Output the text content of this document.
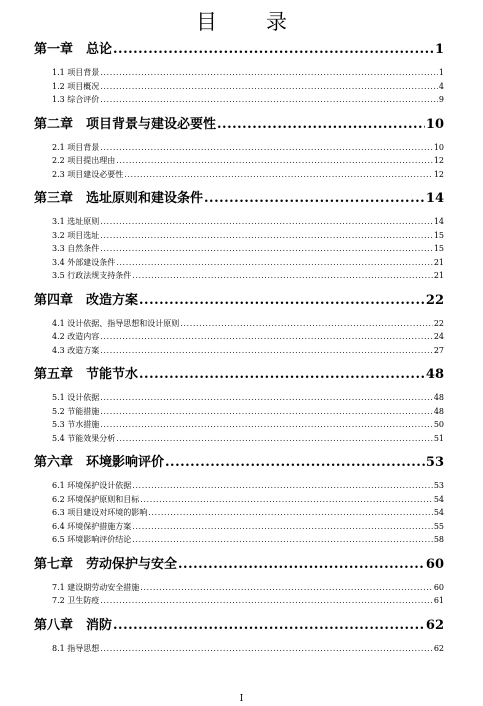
目　录
第一章　总论 .....	1
1.1 项目背景 .....	1
1.2 项目概况 .....	4
1.3 综合评价 .....	9
第二章　项目背景与建设必要性 .....	10
2.1 项目背景 .....	10
2.2 项目提出理由 .....	12
2.3 项目建设必要性 .....	12
第三章　选址原则和建设条件 .....	14
3.1 选址原则 .....	14
3.2 项目选址 .....	15
3.3 自然条件 .....	15
3.4 外部建设条件 .....	21
3.5 行政法规支持条件 .....	21
第四章　改造方案 .....	22
4.1 设计依据、指导思想和设计原则 .....	22
4.2 改造内容 .....	24
4.3 改造方案 .....	27
第五章　节能节水 .....	48
5.1 设计依据 .....	48
5.2 节能措施 .....	48
5.3 节水措施 .....	50
5.4 节能效果分析 .....	51
第六章　环境影响评价 .....	53
6.1 环境保护设计依据 .....	53
6.2 环境保护原则和目标 .....	54
6.3 项目建设对环境的影响 .....	54
6.4 环境保护措施方案 .....	55
6.5 环境影响评价结论 .....	58
第七章　劳动保护与安全 .....	60
7.1 建设期劳动安全措施 .....	60
7.2 卫生防疫 .....	61
第八章　消防 .....	62
8.1 指导思想 .....	62
I
